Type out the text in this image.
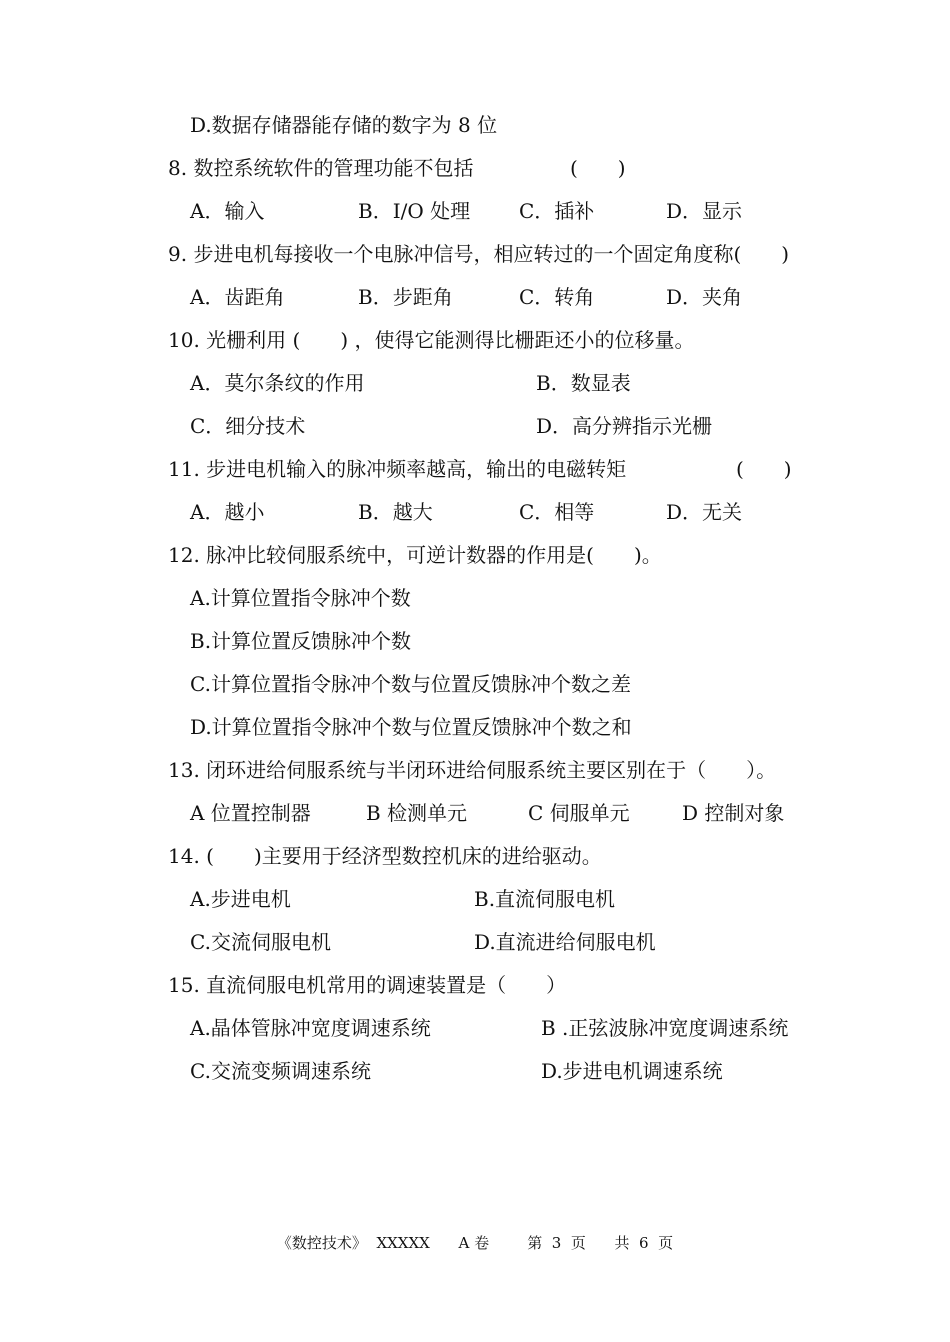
D.数据存储器能存储的数字为 8 位
8. 数控系统软件的管理功能不包括	(　　)
A．输入	B．I/O 处理 C．插补	D．显示
9. 步进电机每接收一个电脉冲信号，相应转过的一个固定角度称(　　)
A．齿距角	B．步距角	C．转角	D．夹角
10. 光栅利用 (　　) ，使得它能测得比栅距还小的位移量。
A．莫尔条纹的作用	B．数显表
C．细分技术	D．高分辨指示光栅
11. 步进电机输入的脉冲频率越高，输出的电磁转矩	(　　)
A．越小	B．越大	C．相等	D．无关
12. 脉冲比较伺服系统中，可逆计数器的作用是(　　)。
A.计算位置指令脉冲个数
B.计算位置反馈脉冲个数
C.计算位置指令脉冲个数与位置反馈脉冲个数之差
D.计算位置指令脉冲个数与位置反馈脉冲个数之和
13. 闭环进给伺服系统与半闭环进给伺服系统主要区别在于（　　）。
A 位置控制器	B 检测单元	C 伺服单元	D 控制对象
14. (　　)主要用于经济型数控机床的进给驱动。
A.步进电机	B.直流伺服电机
C.交流伺服电机	D.直流进给伺服电机
15. 直流伺服电机常用的调速装置是（　　）
A.晶体管脉冲宽度调速系统	B .正弦波脉冲宽度调速系统
C.交流变频调速系统	D.步进电机调速系统
《数控技术》 XXXXX A 卷	第  3  页 共  6  页
